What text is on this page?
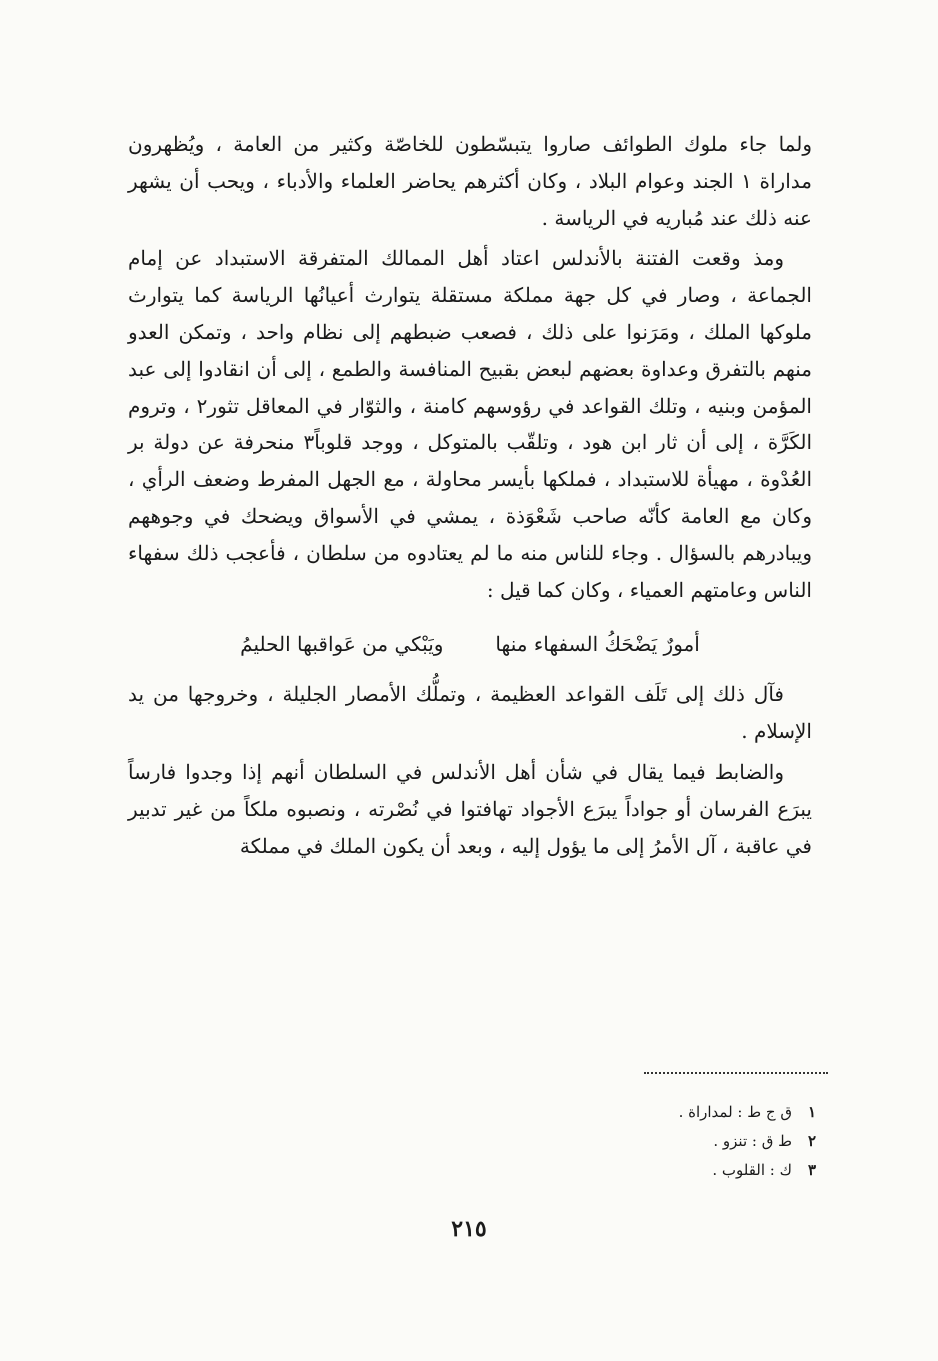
ولما جاء ملوك الطوائف صاروا يتبسّطون للخاصّة وكثير من العامة ، ويُظهرون مداراة ١ الجند وعوام البلاد ، وكان أكثرهم يحاضر العلماء والأدباء ، ويحب أن يشهر عنه ذلك عند مُباريه في الرياسة .

ومذ وقعت الفتنة بالأندلس اعتاد أهل الممالك المتفرقة الاستبداد عن إمام الجماعة ، وصار في كل جهة مملكة مستقلة يتوارث أعيانُها الرياسة كما يتوارث ملوكها الملك ، ومَرَنوا على ذلك ، فصعب ضبطهم إلى نظام واحد ، وتمكن العدو منهم بالتفرق وعداوة بعضهم لبعض بقبيح المنافسة والطمع ، إلى أن انقادوا إلى عبد المؤمن وبنيه ، وتلك القواعد في رؤوسهم كامنة ، والثوّار في المعاقل تثور٢ ، وتروم الكَرَّة ، إلى أن ثار ابن هود ، وتلقّب بالمتوكل ، ووجد قلوباً٣ منحرفة عن دولة بر العُدْوة ، مهيأة للاستبداد ، فملكها بأيسر محاولة ، مع الجهل المفرط وضعف الرأي ، وكان مع العامة كأنّه صاحب شَعْوَذة ، يمشي في الأسواق ويضحك في وجوههم ويبادرهم بالسؤال . وجاء للناس منه ما لم يعتادوه من سلطان ، فأعجب ذلك سفهاء الناس وعامتهم العمياء ، وكان كما قيل :

أمورٌ يَضْحَكُ السفهاء منها
ويَبْكي من عَواقبها الحليمُ

فآل ذلك إلى تَلَف القواعد العظيمة ، وتملُّك الأمصار الجليلة ، وخروجها من يد الإسلام .

والضابط فيما يقال في شأن أهل الأندلس في السلطان أنهم إذا وجدوا فارساً يبرَع الفرسان أو جواداً يبرَع الأجواد تهافتوا في نُصْرته ، ونصبوه ملكاً من غير تدبير في عاقبة ، آل الأمرُ إلى ما يؤول إليه ، وبعد أن يكون الملك في مملكة

١ق ج ط : لمداراة .
٢ط ق : تنزو .
٣ك : القلوب .
٢١٥
